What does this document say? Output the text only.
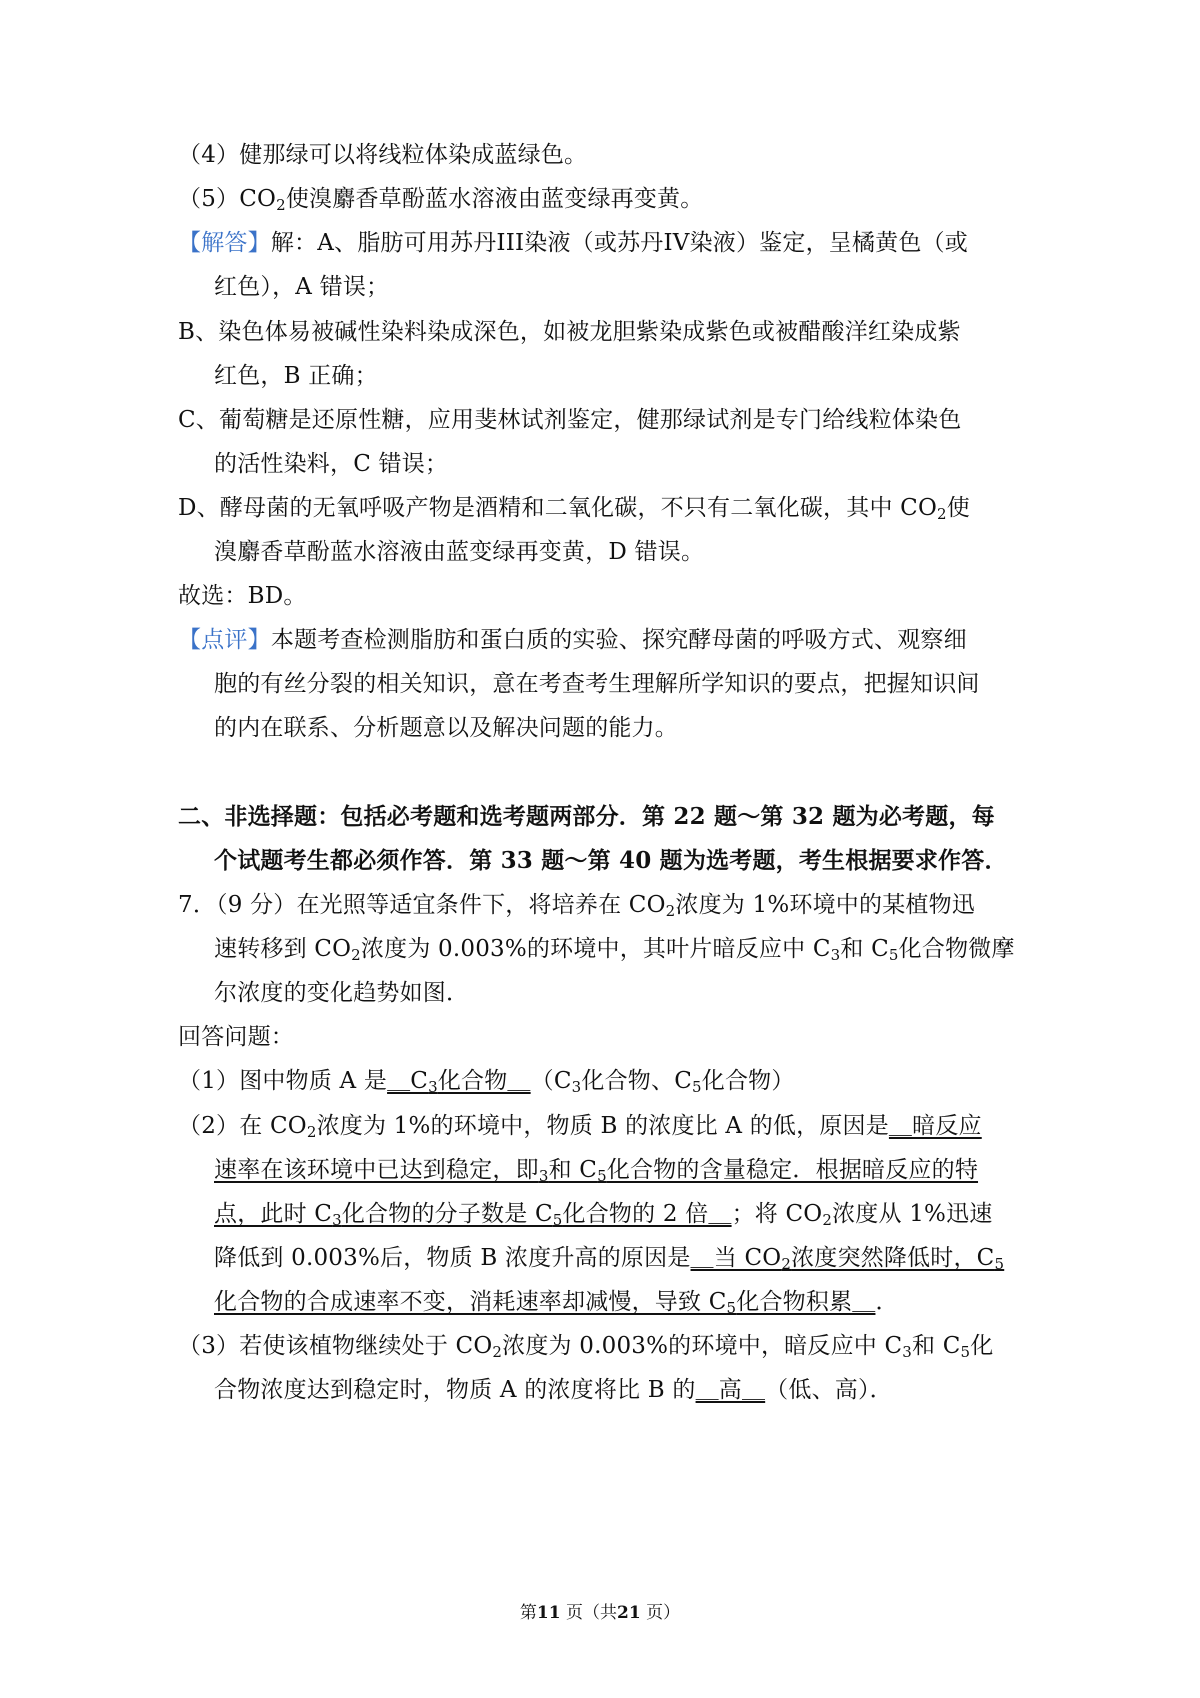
（4）健那绿可以将线粒体染成蓝绿色。
$(5)CO_2$使溴麝香草酚蓝水溶液由蓝变绿再变黄。
【解答】解：A、脂肪可用苏丹III染液（或苏丹IV染液）鉴定，呈橘黄色（或
红色），A 错误；
B、染色体易被碱性染料染成深色，如被龙胆紫染成紫色或被醋酸洋红染成紫
红色，B 正确；
C、葡萄糖是还原性糖，应用斐林试剂鉴定，健那绿试剂是专门给线粒体染色
的活性染料，C 错误；
D、酵母菌的无氧呼吸产物是酒精和二氧化碳，不只有二氧化碳，其中 $CO_2$使
溴麝香草酚蓝水溶液由蓝变绿再变黄，D 错误。
故选：BD。
【点评】本题考查检测脂肪和蛋白质的实验、探究酵母菌的呼吸方式、观察细
胞的有丝分裂的相关知识，意在考查考生理解所学知识的要点，把握知识间
的内在联系、分析题意以及解决问题的能力。
二、非选择题：包括必考题和选考题两部分．第 22 题～第 32 题为必考题，每
个试题考生都必须作答．第 33 题～第 40 题为选考题，考生根据要求作答．
7．（9 分）在光照等适宜条件下，将培养在 $CO_2$浓度为 1%环境中的某植物迅
速转移到 $CO_2$浓度为 0.003%的环境中，其叶片暗反应中 $C_3$和 $C_5$化合物微摩
尔浓度的变化趋势如图．
回答问题：
（1）图中物质 A 是$\_C_3$化合物$\_(C_3$化合物、$C_5$化合物）
（2）在 $CO_2$浓度为 1%的环境中，物质 B 的浓度比 A 的低，原因是＿暗反应
速率在该环境中已达到稳定，即$_3$和 $C_5$化合物的含量稳定．根据暗反应的特
点，此时 $C_3$化合物的分子数是 $C_5$化合物的 2 倍＿；将 $CO_2$浓度从 1%迅速
降低到 0.003%后，物质 B 浓度升高的原因是＿当 $CO_2$浓度突然降低时，$C_5$
化合物的合成速率不变，消耗速率却减慢，导致 $C_5$化合物积累＿．
（3）若使该植物继续处于 $CO_2$浓度为 0.003%的环境中，暗反应中 $C_3$和 $C_5$化
合物浓度达到稳定时，物质 A 的浓度将比 B 的＿高＿（低、高）．
第11 页（共21 页）
